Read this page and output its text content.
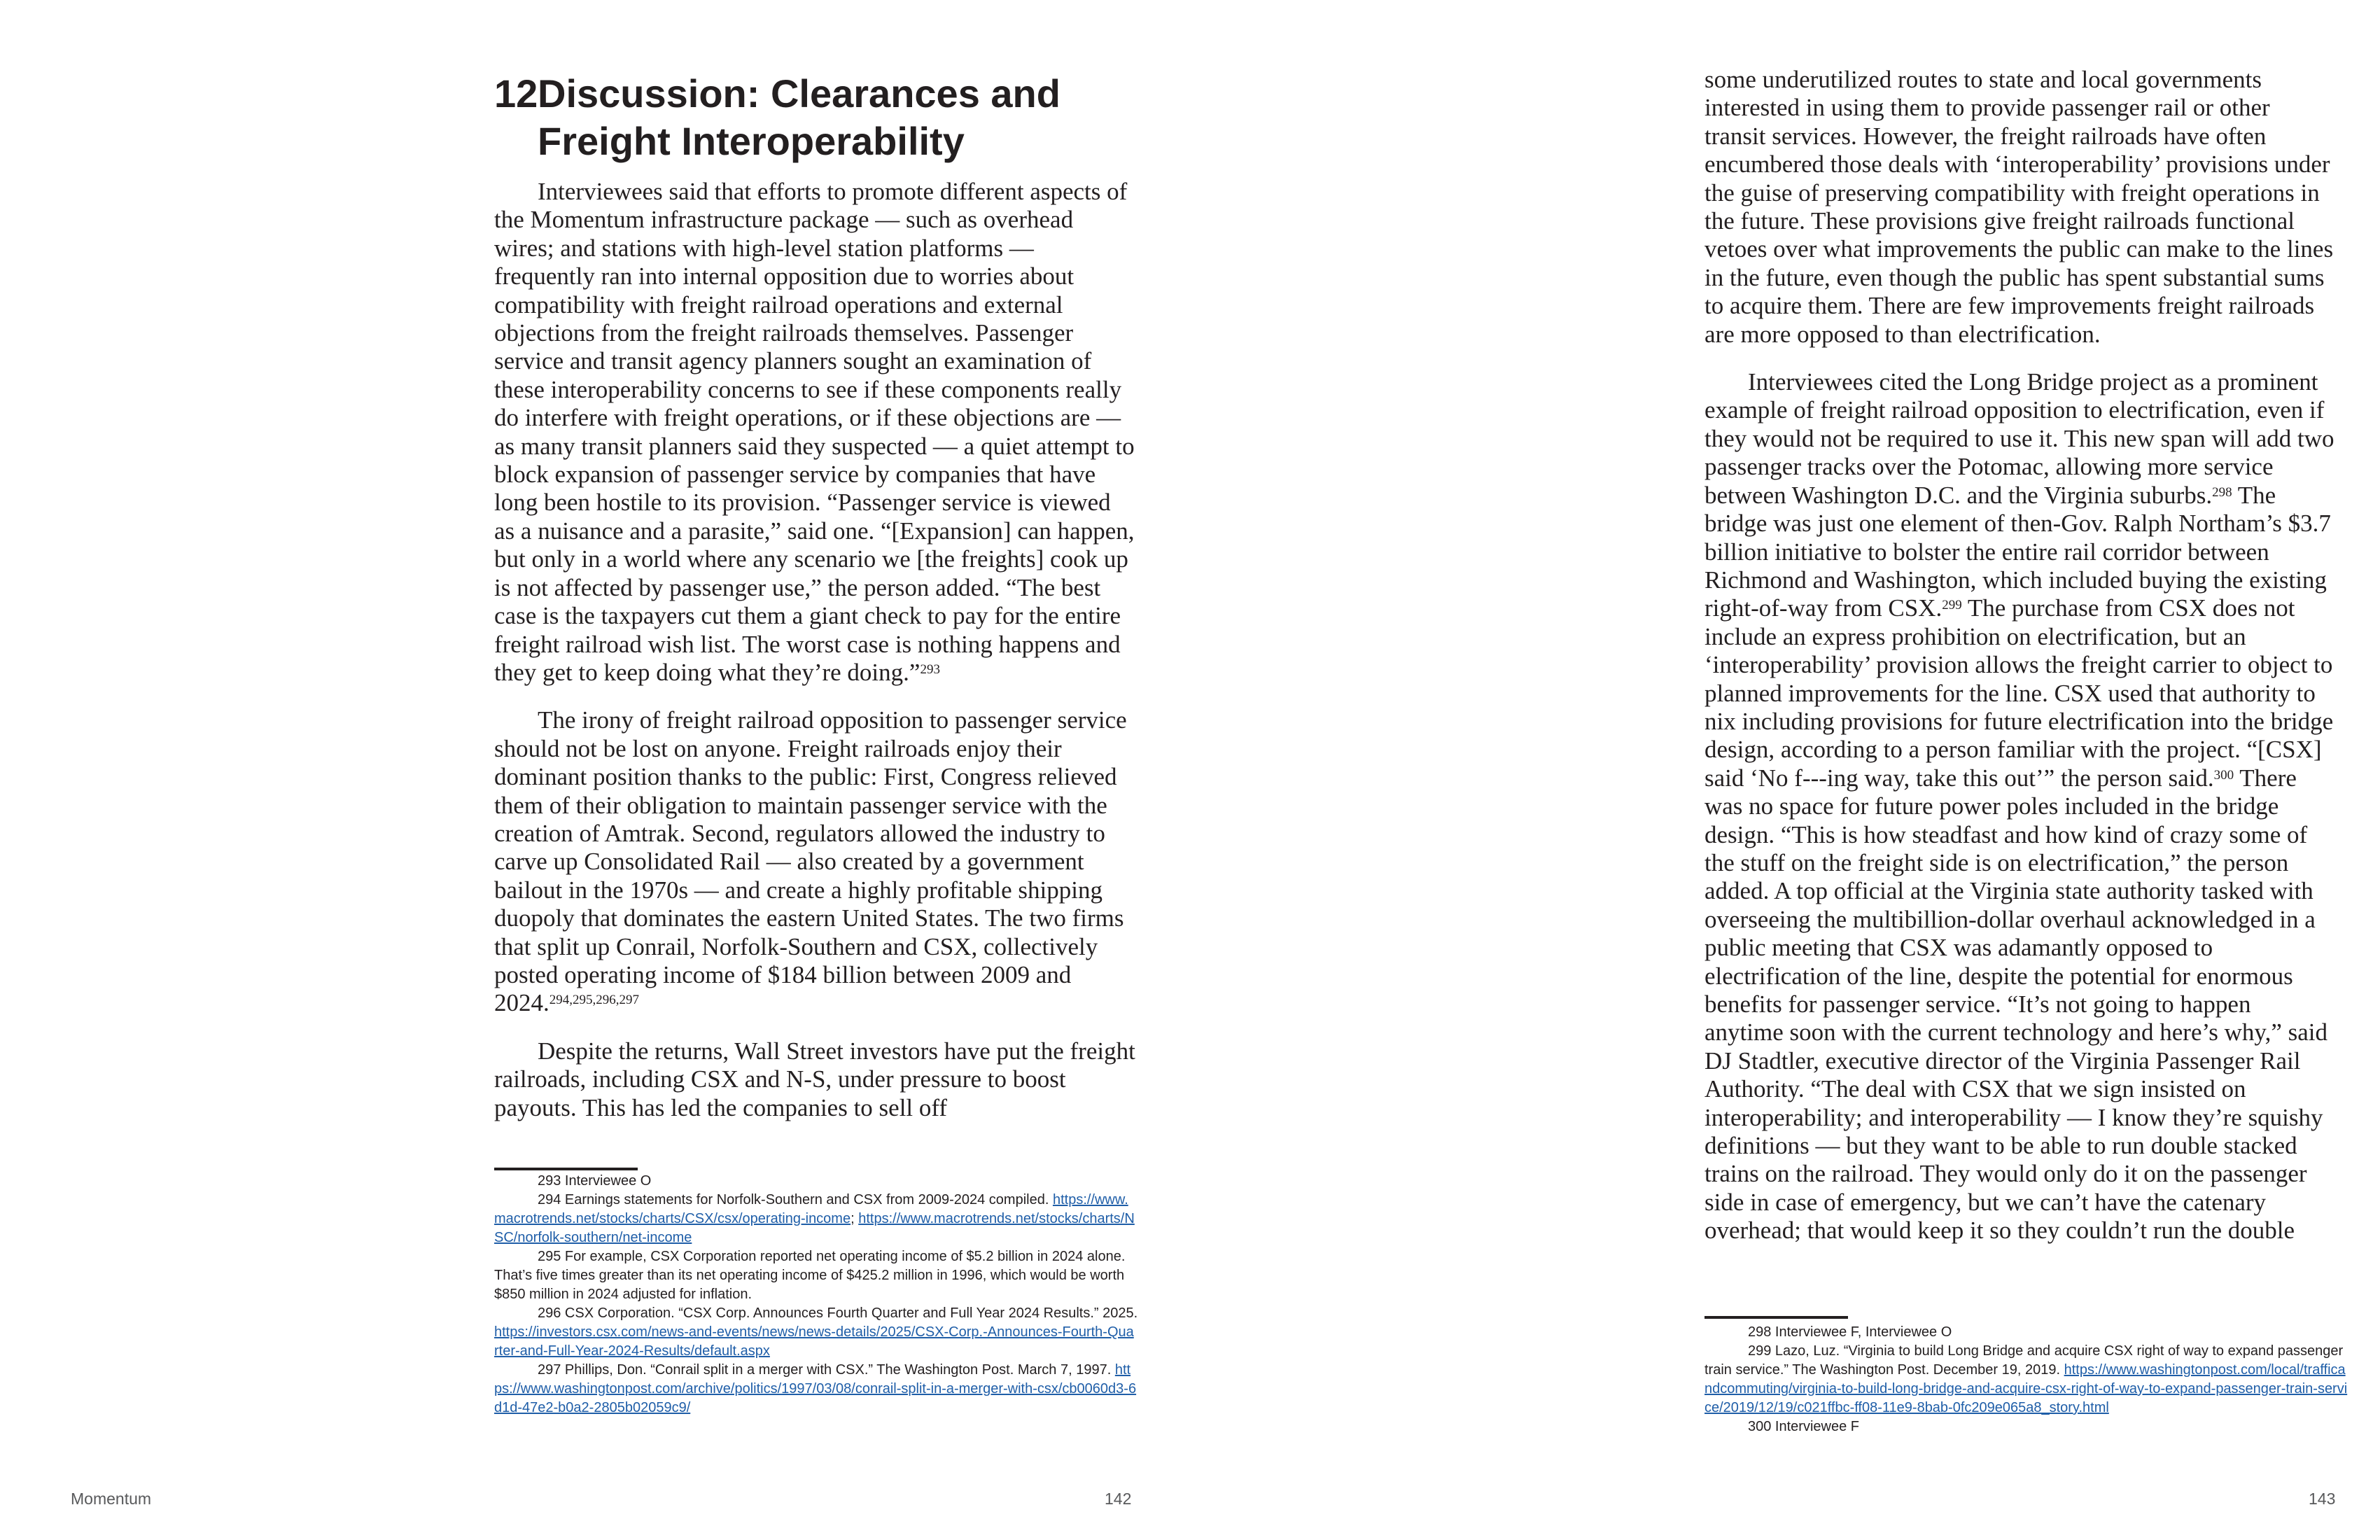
12 Discussion: Clearances and Freight Interoperability

Interviewees said that efforts to promote different aspects of the Momentum infrastructure package — such as overhead wires; and stations with high-level station platforms — frequently ran into internal opposition due to worries about compatibility with freight railroad operations and external objections from the freight railroads themselves. Passenger service and transit agency planners sought an examination of these interoperability concerns to see if these components really do interfere with freight operations, or if these objections are — as many transit planners said they suspected — a quiet attempt to block expansion of passenger service by companies that have long been hostile to its provision. “Passenger service is viewed as a nuisance and a parasite,” said one. “[Expansion] can happen, but only in a world where any scenario we [the freights] cook up is not affected by passenger use,” the person added. “The best case is the taxpayers cut them a giant check to pay for the entire freight railroad wish list. The worst case is nothing happens and they get to keep doing what they’re doing.”$^{293}$

The irony of freight railroad opposition to passenger service should not be lost on anyone. Freight railroads enjoy their dominant position thanks to the public: First, Congress relieved them of their obligation to maintain passenger service with the creation of Amtrak. Second, regulators allowed the industry to carve up Consolidated Rail — also created by a government bailout in the 1970s — and create a highly profitable shipping duopoly that dominates the eastern United States. The two firms that split up Conrail, Norfolk-Southern and CSX, collectively posted operating income of $184 billion between 2009 and 2024.$^{294,295,296,297}$

Despite the returns, Wall Street investors have put the freight railroads, including CSX and N-S, under pressure to boost payouts. This has led the companies to sell off

293 Interviewee O

294 Earnings statements for Norfolk-Southern and CSX from 2009-2024 compiled. https://www.macrotrends.net/stocks/charts/CSX/csx/operating-income; https://www.macrotrends.net/stocks/charts/NSC/norfolk-southern/net-income

295 For example, CSX Corporation reported net operating income of $5.2 billion in 2024 alone. That’s five times greater than its net operating income of $425.2 million in 1996, which would be worth $850 million in 2024 adjusted for inflation.

296 CSX Corporation. “CSX Corp. Announces Fourth Quarter and Full Year 2024 Results.” 2025. https://investors.csx.com/news-and-events/news/news-details/2025/CSX-Corp.-Announces-Fourth-Quarter-and-Full-Year-2024-Results/default.aspx

297 Phillips, Don. “Conrail split in a merger with CSX.” The Washington Post. March 7, 1997. https://www.washingtonpost.com/archive/politics/1997/03/08/conrail-split-in-a-merger-with-csx/cb0060d3-6d1d-47e2-b0a2-2805b02059c9/

Momentum	142

some underutilized routes to state and local governments interested in using them to provide passenger rail or other transit services. However, the freight railroads have often encumbered those deals with ‘interoperability’ provisions under the guise of preserving compatibility with freight operations in the future. These provisions give freight railroads functional vetoes over what improvements the public can make to the lines in the future, even though the public has spent substantial sums to acquire them. There are few improvements freight railroads are more opposed to than electrification.

Interviewees cited the Long Bridge project as a prominent example of freight railroad opposition to electrification, even if they would not be required to use it. This new span will add two passenger tracks over the Potomac, allowing more service between Washington D.C. and the Virginia suburbs.$^{298}$ The bridge was just one element of then-Gov. Ralph Northam’s $3.7 billion initiative to bolster the entire rail corridor between Richmond and Washington, which included buying the existing right-of-way from CSX.$^{299}$ The purchase from CSX does not include an express prohibition on electrification, but an ‘interoperability’ provision allows the freight carrier to object to planned improvements for the line. CSX used that authority to nix including provisions for future electrification into the bridge design, according to a person familiar with the project. “[CSX] said ‘No f---ing way, take this out’” the person said.$^{300}$ There was no space for future power poles included in the bridge design. “This is how steadfast and how kind of crazy some of the stuff on the freight side is on electrification,” the person added. A top official at the Virginia state authority tasked with overseeing the multibillion-dollar overhaul acknowledged in a public meeting that CSX was adamantly opposed to electrification of the line, despite the potential for enormous benefits for passenger service. “It’s not going to happen anytime soon with the current technology and here’s why,” said DJ Stadtler, executive director of the Virginia Passenger Rail Authority. “The deal with CSX that we sign insisted on interoperability; and interoperability — I know they’re squishy definitions — but they want to be able to run double stacked trains on the railroad. They would only do it on the passenger side in case of emergency, but we can’t have the catenary overhead; that would keep it so they couldn’t run the double

298 Interviewee F, Interviewee O

299 Lazo, Luz. “Virginia to build Long Bridge and acquire CSX right of way to expand passenger train service.” The Washington Post. December 19, 2019. https://www.washingtonpost.com/local/trafficandcommuting/virginia-to-build-long-bridge-and-acquire-csx-right-of-way-to-expand-passenger-train-service/2019/12/19/c021ffbc-ff08-11e9-8bab-0fc209e065a8_story.html

300 Interviewee F

143
